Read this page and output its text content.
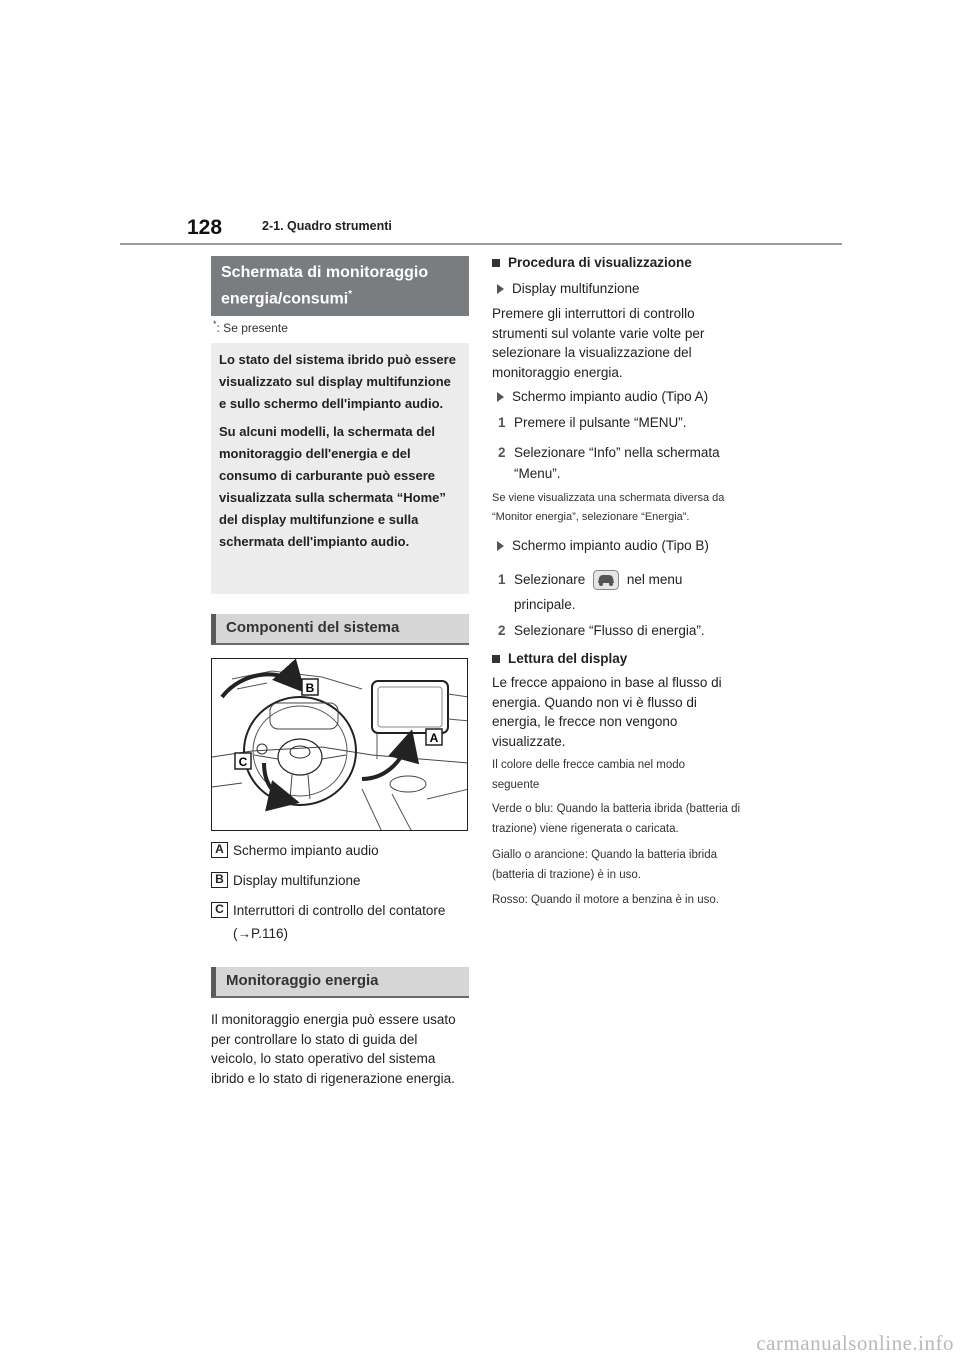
128	2-1. Quadro strumenti
Schermata di monitoraggio energia/consumi*
*: Se presente

Lo stato del sistema ibrido può essere visualizzato sul display multifunzione e sullo schermo dell'impianto audio.

Su alcuni modelli, la schermata del monitoraggio dell'energia e del consumo di carburante può essere visualizzata sulla schermata “Home” del display multifunzione e sulla schermata dell'impianto audio.

Componenti del sistema
B
A
C
A Schermo impianto audio
B Display multifunzione
C Interruttori di controllo del contatore
(→P.116)
Monitoraggio energia
Il monitoraggio energia può essere usato per controllare lo stato di guida del veicolo, lo stato operativo del sistema ibrido e lo stato di rigenerazione energia.
Procedura di visualizzazione
Display multifunzione
Premere gli interruttori di controllo strumenti sul volante varie volte per selezionare la visualizzazione del monitoraggio energia.
Schermo impianto audio (Tipo A)
1 Premere il pulsante “MENU”.
2 Selezionare “Info” nella schermata “Menu”.
Se viene visualizzata una schermata diversa da “Monitor energia”, selezionare “Energia”.
Schermo impianto audio (Tipo B)
1 Selezionare	nel menu principale.
2 Selezionare “Flusso di energia”.
Lettura del display
Le frecce appaiono in base al flusso di energia. Quando non vi è flusso di energia, le frecce non vengono visualizzate.
Il colore delle frecce cambia nel modo seguente
Verde o blu: Quando la batteria ibrida (batteria di trazione) viene rigenerata o caricata.
Giallo o arancione: Quando la batteria ibrida (batteria di trazione) è in uso.
Rosso: Quando il motore a benzina è in uso.
carmanualsonline.info
